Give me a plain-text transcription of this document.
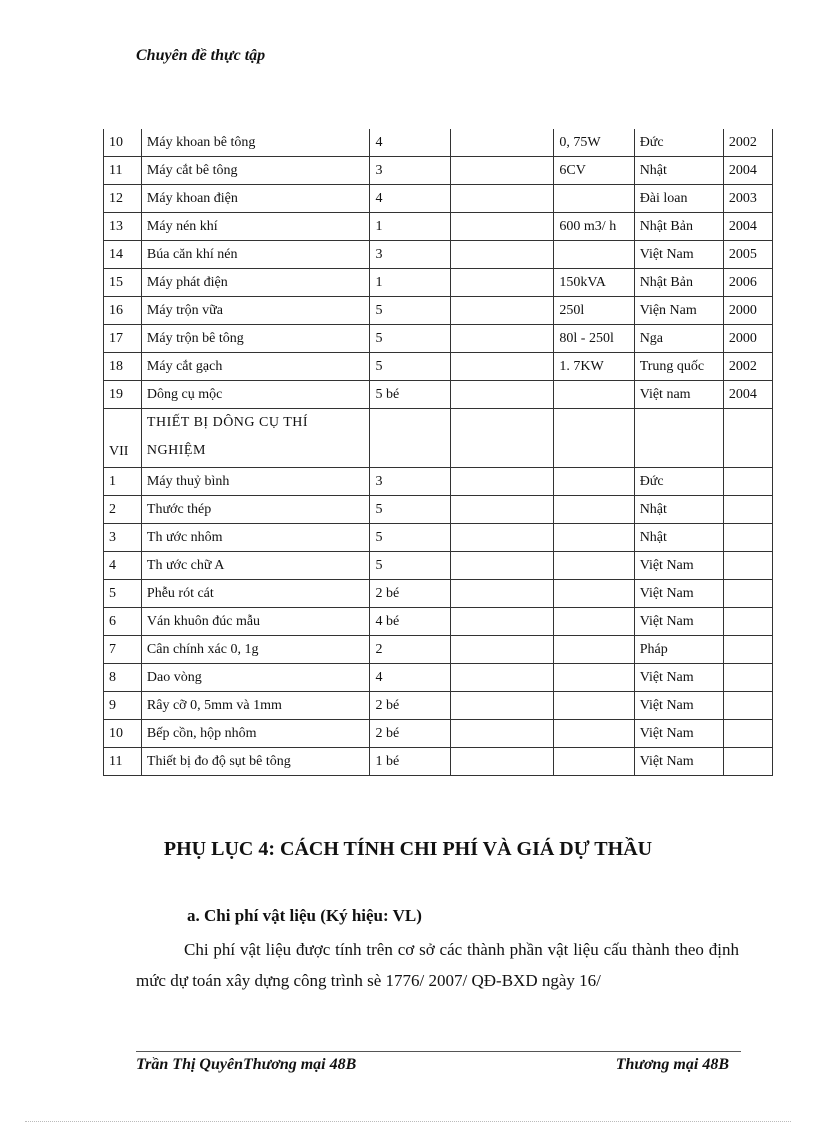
Chuyên đề thực tập
10	Máy khoan bê tông	4		0, 75W	Đức	2002
11	Máy cắt bê tông	3		6CV	Nhật	2004
12	Máy khoan điện	4			Đài loan	2003
13	Máy nén khí	1		600 m3/ h	Nhật Bản	2004
14	Búa căn khí nén	3			Việt Nam	2005
15	Máy phát điện	1		150kVA	Nhật Bản	2006
16	Máy trộn vữa	5		250l	Viện Nam	2000
17	Máy trộn bê tông	5		80l - 250l	Nga	2000
18	Máy cắt gạch	5		1. 7KW	Trung quốc	2002
19	Dông cụ mộc	5 bé			Việt nam	2004
VII	THIẾT BỊ DÔNG CỤ THÍ NGHIỆM					
1	Máy thuỷ bình	3			Đức	
2	Thước thép	5			Nhật	
3	Th ước nhôm	5			Nhật	
4	Th ước chữ A	5			Việt Nam	
5	Phễu rót cát	2 bé			Việt Nam	
6	Ván khuôn đúc mẫu	4 bé			Việt Nam	
7	Cân chính xác 0, 1g	2			Pháp	
8	Dao vòng	4			Việt Nam	
9	Rây cỡ 0, 5mm và 1mm	2 bé			Việt Nam	
10	Bếp cồn, hộp nhôm	2 bé			Việt Nam	
11	Thiết bị đo độ sụt bê tông	1 bé			Việt Nam	
PHỤ LỤC 4: CÁCH TÍNH CHI PHÍ VÀ GIÁ DỰ THẦU
a. Chi phí vật liệu (Ký hiệu: VL)
Chi phí vật liệu được tính trên cơ sở các thành phần vật liệu cấu thành theo định mức dự toán xây dựng công trình sè 1776/ 2007/ QĐ-BXD ngày 16/
Trần Thị QuyênThương mại 48B	Thương mại 48B
